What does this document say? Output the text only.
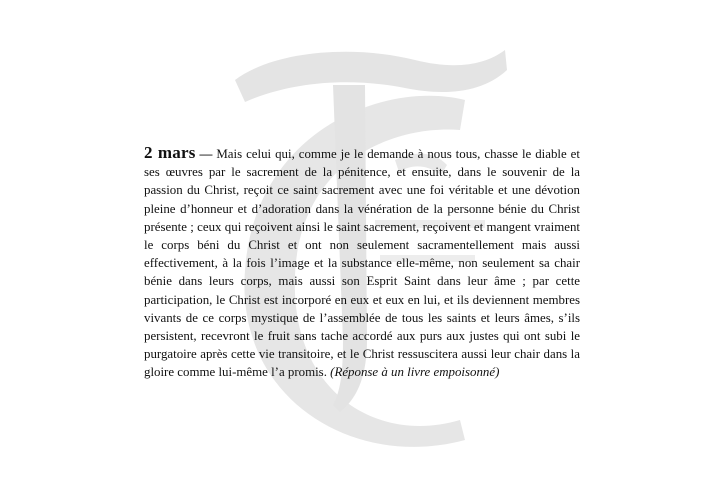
2 mars — Mais celui qui, comme je le demande à nous tous, chasse le diable et ses œuvres par le sacrement de la pénitence, et ensuite, dans le souvenir de la passion du Christ, reçoit ce saint sacrement avec une foi véritable et une dévotion pleine d’honneur et d’adoration dans la vénération de la personne bénie du Christ présente ; ceux qui reçoivent ainsi le saint sacrement, reçoivent et mangent vraiment le corps béni du Christ et ont non seulement sacramentellement mais aussi effectivement, à la fois l’image et la substance elle-même, non seulement sa chair bénie dans leurs corps, mais aussi son Esprit Saint dans leur âme ; par cette participation, le Christ est incorporé en eux et eux en lui, et ils deviennent membres vivants de ce corps mystique de l’assemblée de tous les saints et leurs âmes, s’ils persistent, recevront le fruit sans tache accordé aux purs aux justes qui ont subi le purgatoire après cette vie transitoire, et le Christ ressuscitera aussi leur chair dans la gloire comme lui-même l’a promis. (Réponse à un livre empoisonné)
